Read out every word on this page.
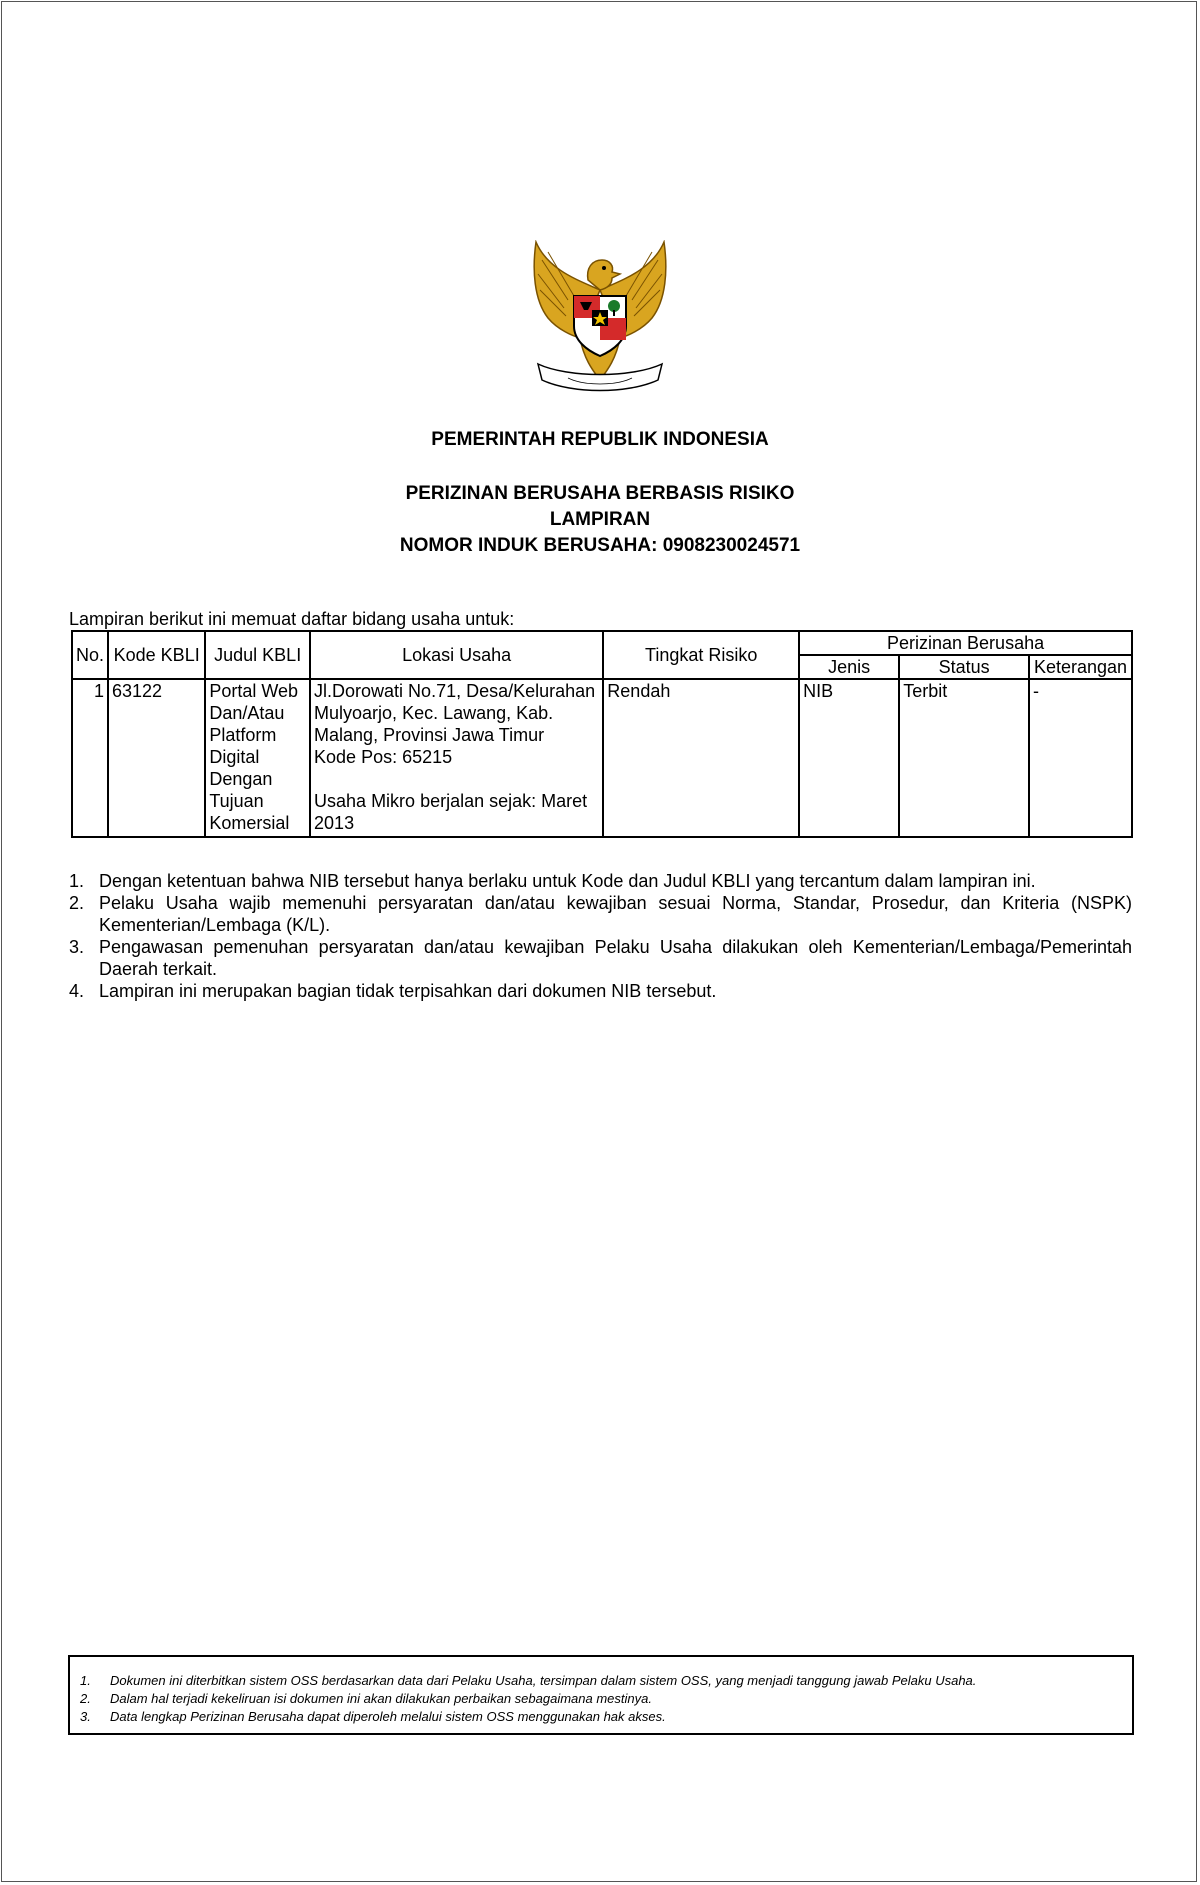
PEMERINTAH REPUBLIK INDONESIA
PERIZINAN BERUSAHA BERBASIS RISIKO
LAMPIRAN
NOMOR INDUK BERUSAHA: 0908230024571
Lampiran berikut ini memuat daftar bidang usaha untuk:
No.	Kode KBLI	Judul KBLI	Lokasi Usaha	Tingkat Risiko	Perizinan Berusaha
Jenis	Status	Keterangan
1	63122	Portal Web
Dan/Atau
Platform
Digital
Dengan
Tujuan
Komersial	Jl.Dorowati No.71, Desa/Kelurahan
Mulyoarjo, Kec. Lawang, Kab.
Malang, Provinsi Jawa Timur
Kode Pos: 65215

Usaha Mikro berjalan sejak: Maret
2013	Rendah	NIB	Terbit	-
1. Dengan ketentuan bahwa NIB tersebut hanya berlaku untuk Kode dan Judul KBLI yang tercantum dalam lampiran ini.
2. Pelaku Usaha wajib memenuhi persyaratan dan/atau kewajiban sesuai Norma, Standar, Prosedur, dan Kriteria (NSPK) Kementerian/Lembaga (K/L).
3. Pengawasan pemenuhan persyaratan dan/atau kewajiban Pelaku Usaha dilakukan oleh Kementerian/Lembaga/Pemerintah Daerah terkait.
4. Lampiran ini merupakan bagian tidak terpisahkan dari dokumen NIB tersebut.
1. Dokumen ini diterbitkan sistem OSS berdasarkan data dari Pelaku Usaha, tersimpan dalam sistem OSS, yang menjadi tanggung jawab Pelaku Usaha.
2. Dalam hal terjadi kekeliruan isi dokumen ini akan dilakukan perbaikan sebagaimana mestinya.
3. Data lengkap Perizinan Berusaha dapat diperoleh melalui sistem OSS menggunakan hak akses.
